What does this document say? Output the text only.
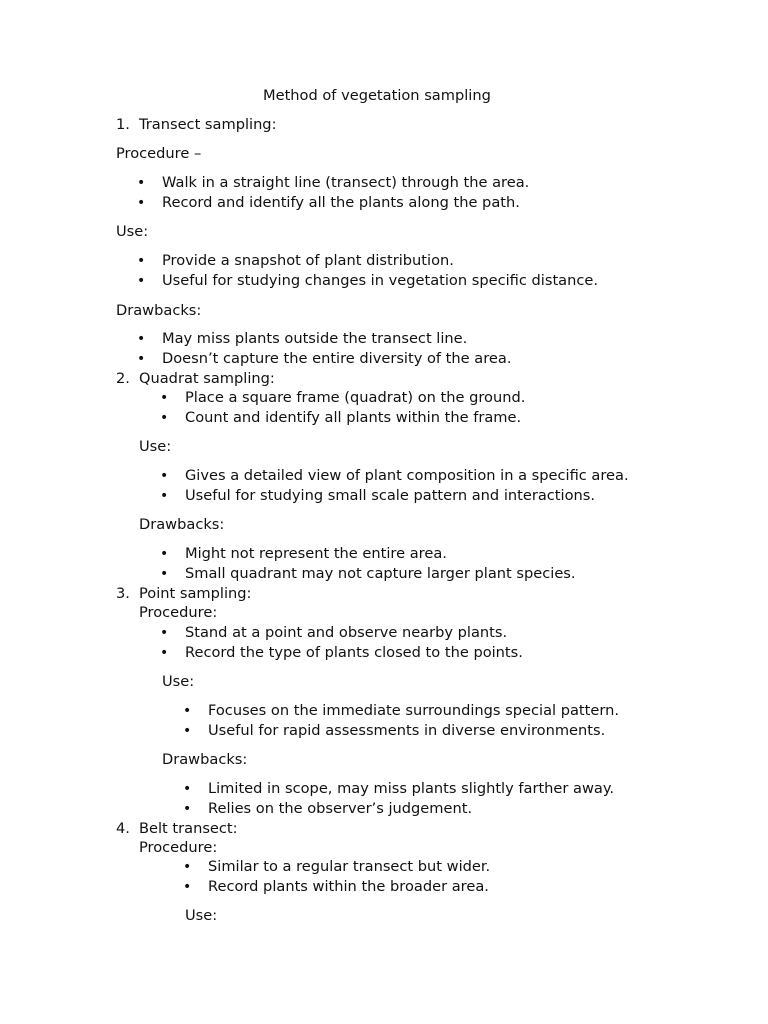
Method of vegetation sampling
1. Transect sampling:
Procedure –
• Walk in a straight line (transect) through the area.
• Record and identify all the plants along the path.
Use:
• Provide a snapshot of plant distribution.
• Useful for studying changes in vegetation specific distance.
Drawbacks:
• May miss plants outside the transect line.
• Doesn’t capture the entire diversity of the area.
2. Quadrat sampling:
• Place a square frame (quadrat) on the ground.
• Count and identify all plants within the frame.
Use:
• Gives a detailed view of plant composition in a specific area.
• Useful for studying small scale pattern and interactions.
Drawbacks:
• Might not represent the entire area.
• Small quadrant may not capture larger plant species.
3. Point sampling:
Procedure:
• Stand at a point and observe nearby plants.
• Record the type of plants closed to the points.
Use:
• Focuses on the immediate surroundings special pattern.
• Useful for rapid assessments in diverse environments.
Drawbacks:
• Limited in scope, may miss plants slightly farther away.
• Relies on the observer’s judgement.
4. Belt transect:
Procedure:
• Similar to a regular transect but wider.
• Record plants within the broader area.
Use:
